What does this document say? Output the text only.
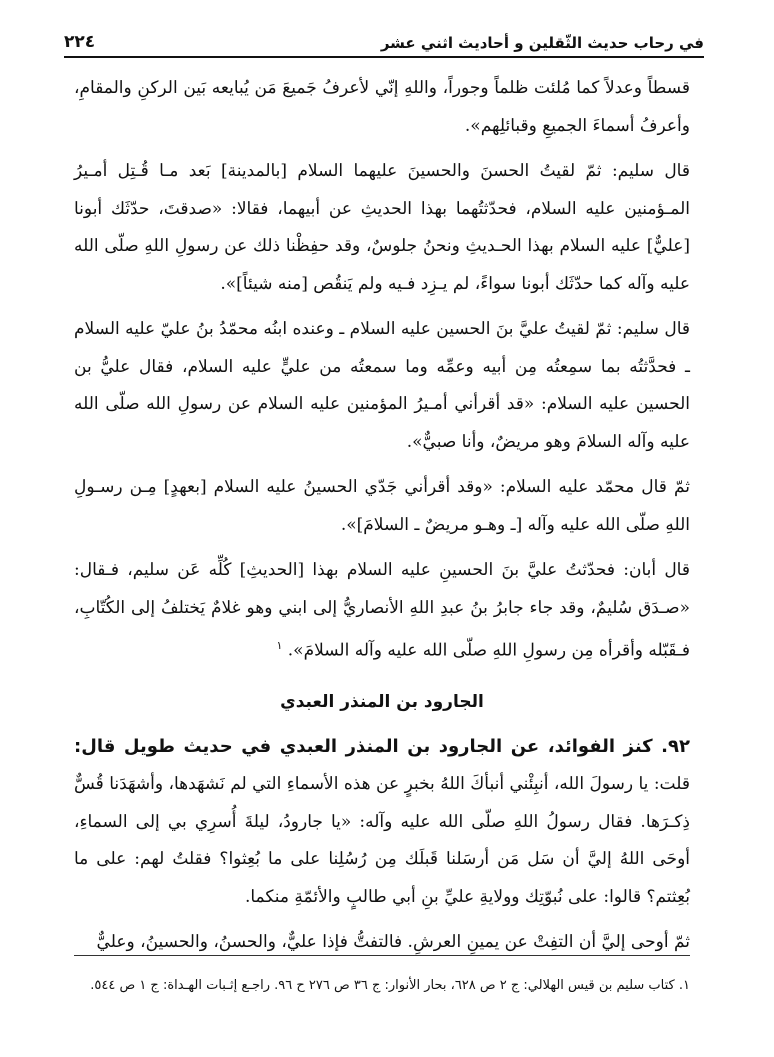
في رحاب حديث الثّقلين و أحاديث اثني عشر
٢٢٤

قسطاً وعدلاً كما مُلئت ظلماً وجوراً، واللهِ إنّي لأعرفُ جَميعَ مَن يُبايعه بَين الركنِ والمقامِ، وأعرفُ أسماءَ الجميعِ وقبائلِهم».

قال سليم: ثمّ لقيتُ الحسنَ والحسينَ عليهما السلام [بالمدينة] بَعد مـا قُـتِل أمـيرُ المـؤمنين عليه السلام، فحدّثتُهما بهذا الحديثِ عن أبيهما، فقالا: «صدقتَ، حدّثَك أبونا [عليٌّ] عليه السلام بهذا الحـديثِ ونحنُ جلوسٌ، وقد حفِظْنا ذلك عن رسولِ اللهِ صلّى الله عليه وآله كما حدّثَك أبونا سواءً، لم يـزِد فـيه ولم يَنقُص [منه شيئاً]».

قال سليم: ثمّ لقيتُ عليَّ بنَ الحسين عليه السلام ـ وعنده ابنُه محمّدُ بنُ عليّ عليه السلام ـ فحدَّثتُه بما سمِعتُه مِن أبيه وعمِّه وما سمعتُه من عليٍّ عليه السلام، فقال عليُّ بن الحسين عليه السلام: «قد أقرأني أمـيرُ المؤمنين عليه السلام عن رسولِ الله صلّى الله عليه وآله السلامَ وهو مريضٌ، وأنا صبيٌّ».

ثمّ قال محمّد عليه السلام: «وقد أقرأني جَدّي الحسينُ عليه السلام [بعهدٍ] مِـن رسـولِ اللهِ صلّى الله عليه وآله [ـ وهـو مريضٌ ـ السلامَ]».

قال أبان: فحدّثتُ عليَّ بنَ الحسينِ عليه السلام بهذا [الحديثِ] كُلِّه عَن سليم، فـقال: «صـدَق سُليمٌ، وقد جاء جابرُ بنُ عبدِ اللهِ الأنصاريُّ إلى ابني وهو غلامٌ يَختلفُ إلى الكُتّابِ، فـقَبّله وأقرأه مِن رسولِ اللهِ صلّى الله عليه وآله السلامَ». $^١$

الجارود بن المنذر العبدي

٩٢. كنز الفوائد، عن الجارود بن المنذر العبدي في حديث طويل قال: قلت: يا رسولَ الله، أنبِئْني أنبأكَ اللهُ بخبرٍ عن هذه الأسماءِ التي لم نَشهَدها، وأشهَدَنا قُسٌّ ذِكـرَها. فقال رسولُ اللهِ صلّى الله عليه وآله: «يا جارودُ، ليلةَ أُسرِي بي إلى السماءِ، أوحَى اللهُ إليَّ أن سَل مَن أرسَلنا قَبلَك مِن رُسُلِنا على ما بُعِثوا؟ فقلتُ لهم: على ما بُعِثتم؟ قالوا: على نُبوّتِك وولايةِ عليِّ بنِ أبي طالبٍ والأئمّةِ منكما.

ثمّ أوحى إليَّ أن التفِتْ عن يمينِ العرشِ. فالتفتُّ فإذا عليٌّ، والحسنُ، والحسينُ، وعليٌّ

١. كتاب سليم بن قيس الهلالي: ج ٢ ص ٦٢٨، بحار الأنوار: ج ٣٦ ص ٢٧٦ ح ٩٦. راجـع إثـبات الهـداة: ج ١ ص ٥٤٤.
